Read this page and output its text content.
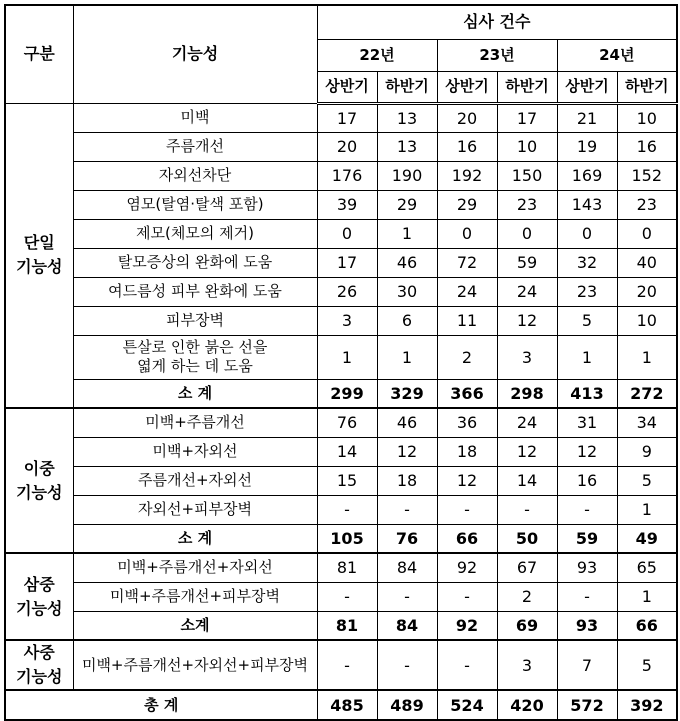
구분	기능성	심사 건수					
		22년		23년		24년	
		상반기	하반기	상반기	하반기	상반기	하반기
단일
기능성	미백	17	13	20	17	21	10
	주름개선	20	13	16	10	19	16
	자외선차단	176	190	192	150	169	152
	염모(탈염·탈색 포함)	39	29	29	23	143	23
	제모(체모의 제거)	0	1	0	0	0	0
	탈모증상의 완화에 도움	17	46	72	59	32	40
	여드름성 피부 완화에 도움	26	30	24	24	23	20
	피부장벽	3	6	11	12	5	10
	튼살로 인한 붉은 선을
엷게 하는 데 도움	1	1	2	3	1	1
	소 계	299	329	366	298	413	272
이중
기능성	미백+주름개선	76	46	36	24	31	34
	미백+자외선	14	12	18	12	12	9
	주름개선+자외선	15	18	12	14	16	5
	자외선+피부장벽	-	-	-	-	-	1
	소 계	105	76	66	50	59	49
삼중
기능성	미백+주름개선+자외선	81	84	92	67	93	65
	미백+주름개선+피부장벽	-	-	-	2	-	1
	소계	81	84	92	69	93	66
사중
기능성	미백+주름개선+자외선+피부장벽	-	-	-	3	7	5
총 계		485	489	524	420	572	392
